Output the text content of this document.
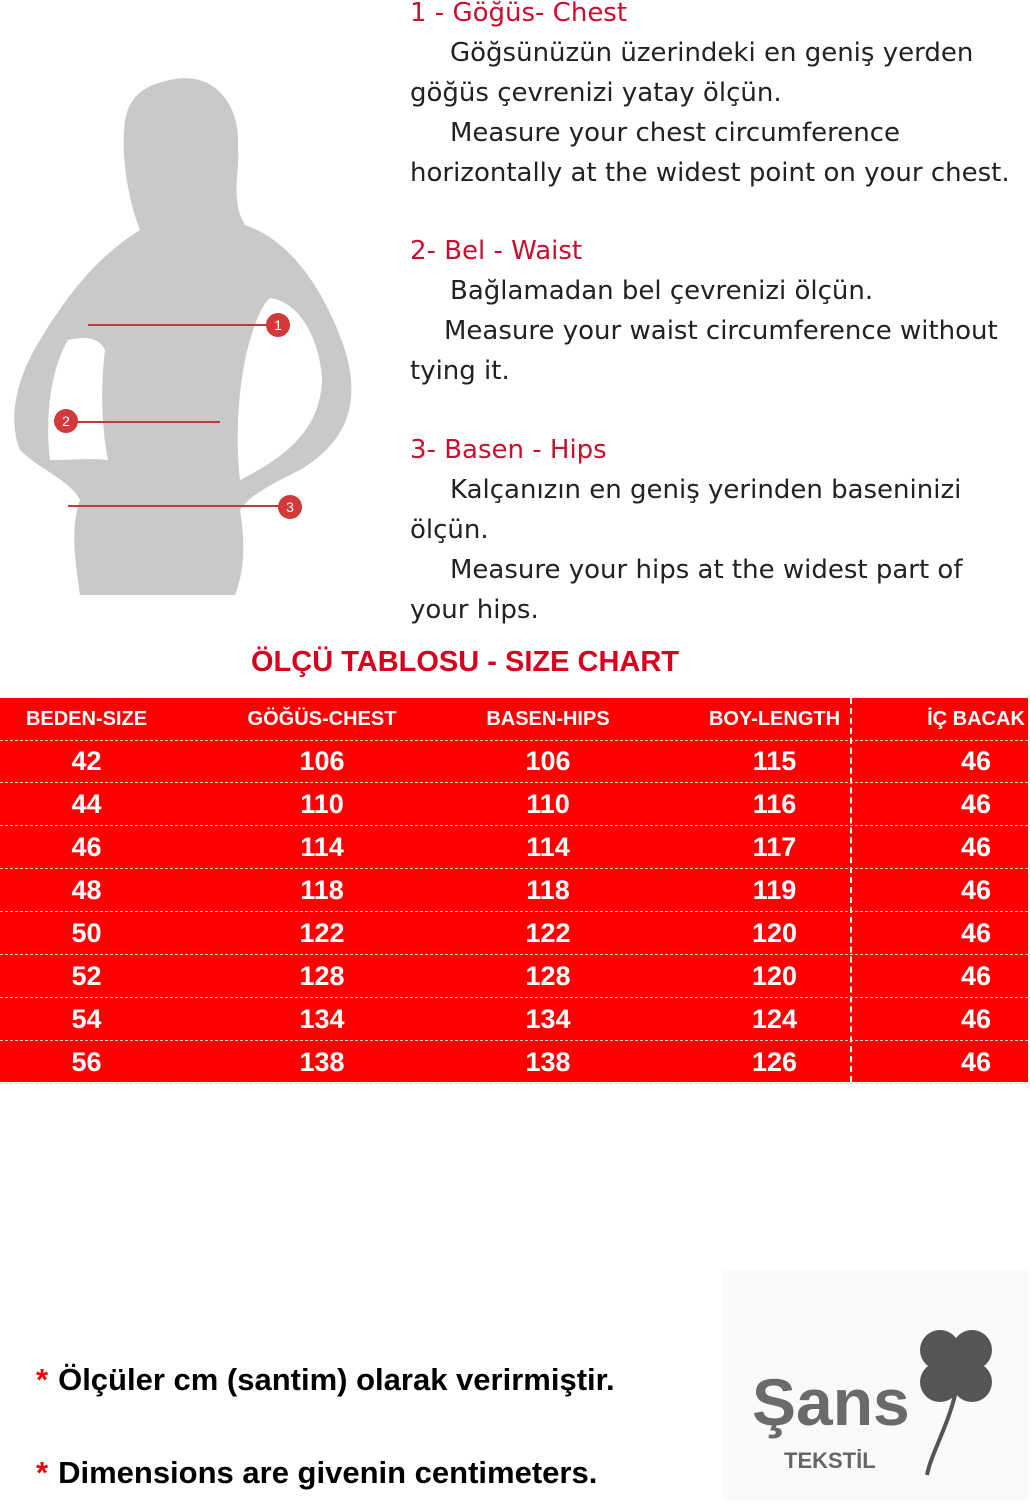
1
2
3
1 - Göğüs- Chest
Göğsünüzün üzerindeki en geniş yerden
göğüs çevrenizi yatay ölçün.
Measure your chest circumference
horizontally at the widest point on your chest.
2- Bel - Waist
Bağlamadan bel çevrenizi ölçün.
Measure your waist circumference without
tying it.
3- Basen - Hips
Kalçanızın en geniş yerinden baseninizi
ölçün.
Measure your hips at the widest part of
your hips.
ÖLÇÜ TABLOSU - SIZE CHART
BEDEN-SIZE	GÖĞÜS-CHEST	BASEN-HIPS	BOY-LENGTH	İÇ BACAK
42	106	106	115	46
44	110	110	116	46
46	114	114	117	46
48	118	118	119	46
50	122	122	120	46
52	128	128	120	46
54	134	134	124	46
56	138	138	126	46
* Ölçüler cm (santim) olarak verirmiştir.
* Dimensions are givenin centimeters.
Şans
TEKSTİL
